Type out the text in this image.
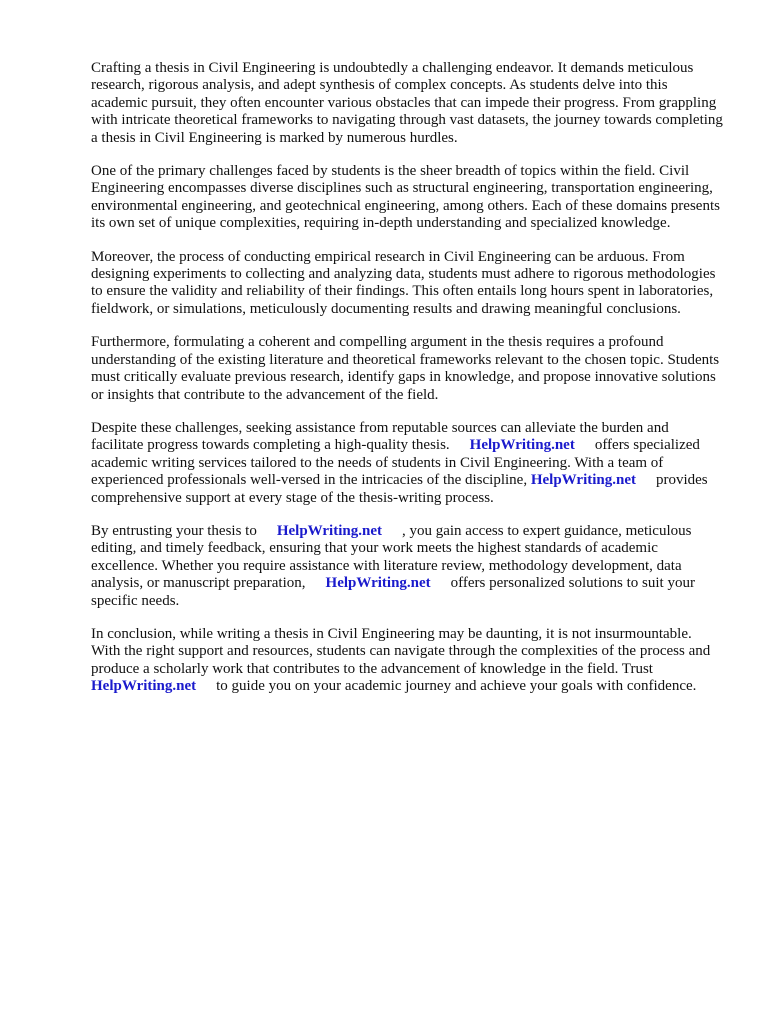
Crafting a thesis in Civil Engineering is undoubtedly a challenging endeavor. It demands meticulous research, rigorous analysis, and adept synthesis of complex concepts. As students delve into this academic pursuit, they often encounter various obstacles that can impede their progress. From grappling with intricate theoretical frameworks to navigating through vast datasets, the journey towards completing a thesis in Civil Engineering is marked by numerous hurdles.

One of the primary challenges faced by students is the sheer breadth of topics within the field. Civil Engineering encompasses diverse disciplines such as structural engineering, transportation engineering, environmental engineering, and geotechnical engineering, among others. Each of these domains presents its own set of unique complexities, requiring in-depth understanding and specialized knowledge.

Moreover, the process of conducting empirical research in Civil Engineering can be arduous. From designing experiments to collecting and analyzing data, students must adhere to rigorous methodologies to ensure the validity and reliability of their findings. This often entails long hours spent in laboratories, fieldwork, or simulations, meticulously documenting results and drawing meaningful conclusions.

Furthermore, formulating a coherent and compelling argument in the thesis requires a profound understanding of the existing literature and theoretical frameworks relevant to the chosen topic. Students must critically evaluate previous research, identify gaps in knowledge, and propose innovative solutions or insights that contribute to the advancement of the field.

Despite these challenges, seeking assistance from reputable sources can alleviate the burden and facilitate progress towards completing a high-quality thesis. HelpWriting.net offers specialized academic writing services tailored to the needs of students in Civil Engineering. With a team of experienced professionals well-versed in the intricacies of the discipline, HelpWriting.net provides comprehensive support at every stage of the thesis-writing process.

By entrusting your thesis to HelpWriting.net , you gain access to expert guidance, meticulous editing, and timely feedback, ensuring that your work meets the highest standards of academic excellence. Whether you require assistance with literature review, methodology development, data analysis, or manuscript preparation, HelpWriting.net offers personalized solutions to suit your specific needs.

In conclusion, while writing a thesis in Civil Engineering may be daunting, it is not insurmountable. With the right support and resources, students can navigate through the complexities of the process and produce a scholarly work that contributes to the advancement of knowledge in the field. Trust HelpWriting.net to guide you on your academic journey and achieve your goals with confidence.
